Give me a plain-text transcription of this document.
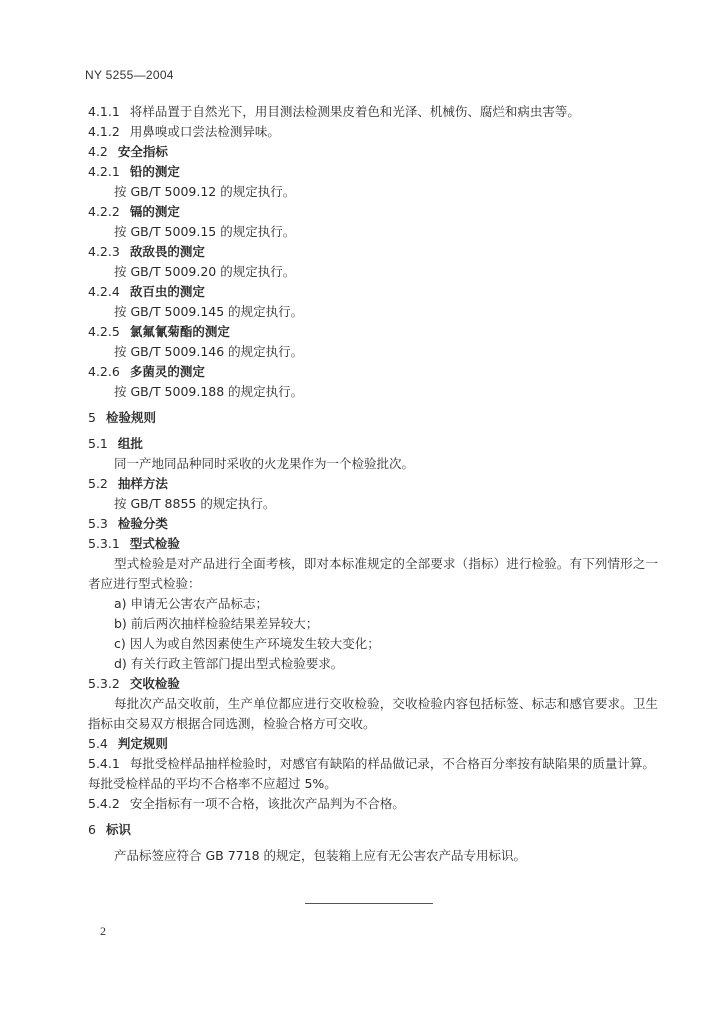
NY 5255—2004
4.1.1 将样品置于自然光下，用目测法检测果皮着色和光泽、机械伤、腐烂和病虫害等。
4.1.2 用鼻嗅或口尝法检测异味。
4.2 安全指标
4.2.1 铅的测定
按 GB/T 5009.12 的规定执行。
4.2.2 镉的测定
按 GB/T 5009.15 的规定执行。
4.2.3 敌敌畏的测定
按 GB/T 5009.20 的规定执行。
4.2.4 敌百虫的测定
按 GB/T 5009.145 的规定执行。
4.2.5 氯氟氰菊酯的测定
按 GB/T 5009.146 的规定执行。
4.2.6 多菌灵的测定
按 GB/T 5009.188 的规定执行。
5 检验规则
5.1 组批
同一产地同品种同时采收的火龙果作为一个检验批次。
5.2 抽样方法
按 GB/T 8855 的规定执行。
5.3 检验分类
5.3.1 型式检验
型式检验是对产品进行全面考核，即对本标准规定的全部要求（指标）进行检验。有下列情形之一者应进行型式检验：
a) 申请无公害农产品标志；
b) 前后两次抽样检验结果差异较大；
c) 因人为或自然因素使生产环境发生较大变化；
d) 有关行政主管部门提出型式检验要求。
5.3.2 交收检验
每批次产品交收前，生产单位都应进行交收检验，交收检验内容包括标签、标志和感官要求。卫生指标由交易双方根据合同选测，检验合格方可交收。
5.4 判定规则
5.4.1 每批受检样品抽样检验时，对感官有缺陷的样品做记录，不合格百分率按有缺陷果的质量计算。每批受检样品的平均不合格率不应超过 5%。
5.4.2 安全指标有一项不合格，该批次产品判为不合格。
6 标识
产品标签应符合 GB 7718 的规定，包装箱上应有无公害农产品专用标识。
2
